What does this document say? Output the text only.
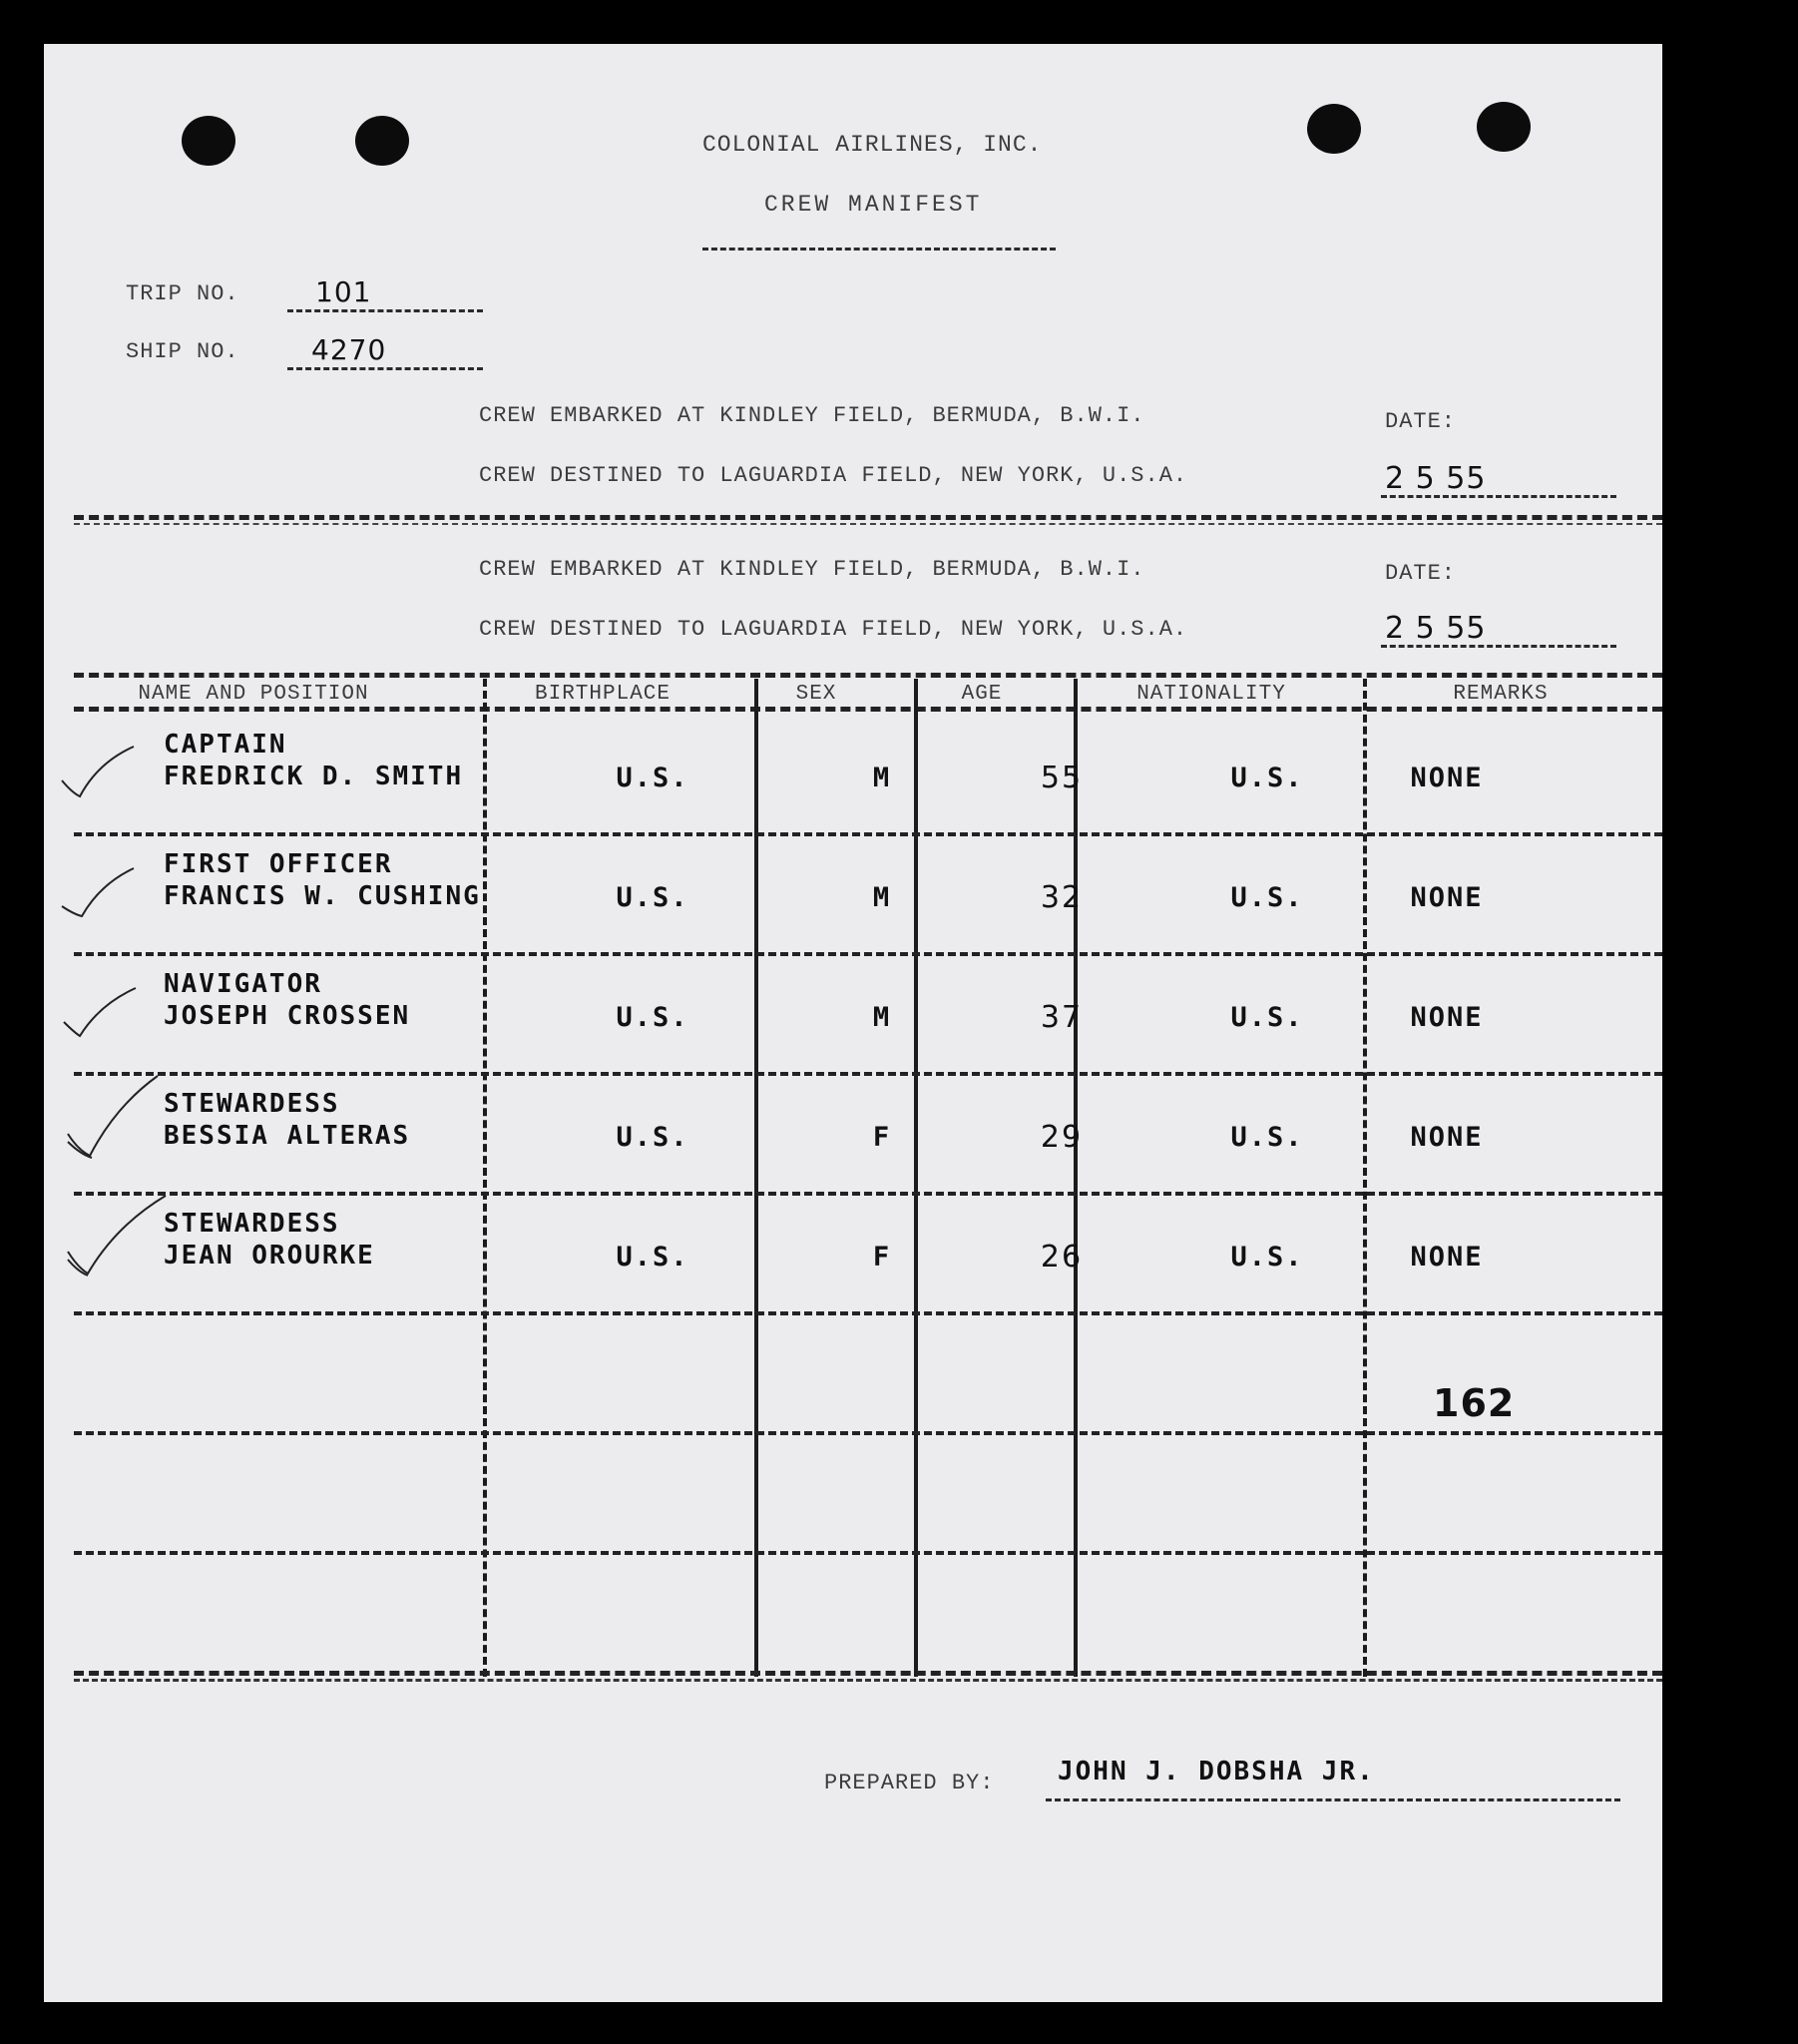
COLONIAL AIRLINES, INC.
CREW MANIFEST
TRIP NO.	101
SHIP NO.	4270
CREW EMBARKED AT KINDLEY FIELD, BERMUDA, B.W.I.
CREW DESTINED TO LAGUARDIA FIELD, NEW YORK, U.S.A.
DATE:
2 5 55
CREW EMBARKED AT KINDLEY FIELD, BERMUDA, B.W.I.
CREW DESTINED TO LAGUARDIA FIELD, NEW YORK, U.S.A.
DATE:
2 5 55
NAME AND POSITION	BIRTHPLACE	SEX	AGE	NATIONALITY	REMARKS
CAPTAIN
FREDRICK D. SMITH	U.S.	M	55	U.S.	NONE
FIRST OFFICER
FRANCIS W. CUSHING	U.S.	M	32	U.S.	NONE
NAVIGATOR
JOSEPH CROSSEN	U.S.	M	37	U.S.	NONE
STEWARDESS
BESSIA ALTERAS	U.S.	F	29	U.S.	NONE
STEWARDESS
JEAN OROURKE	U.S.	F	26	U.S.	NONE
162
PREPARED BY: JOHN J. DOBSHA JR.
